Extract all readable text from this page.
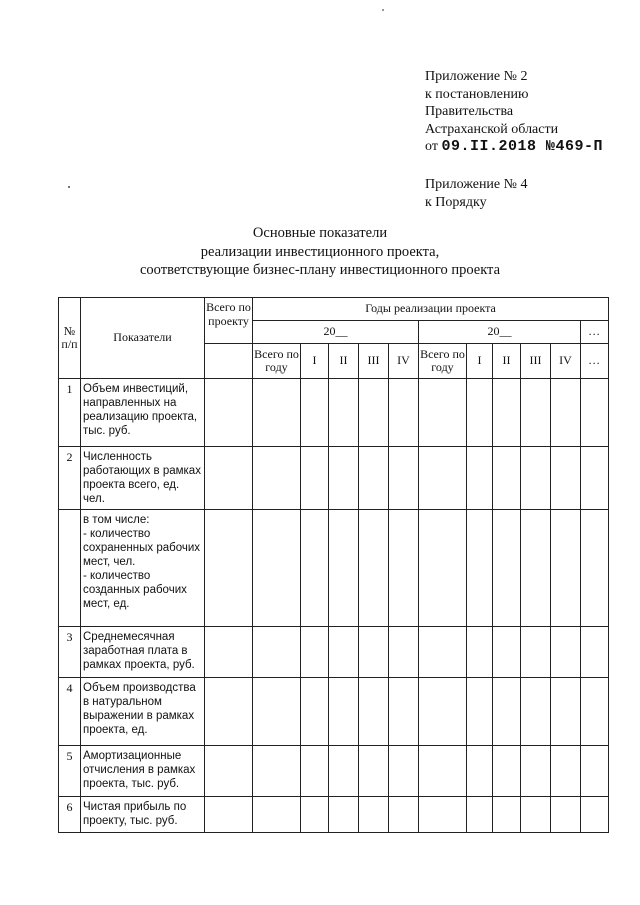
Приложение № 2
к постановлению
Правительства
Астраханской области
от 09.II.2018 №469-П
Приложение № 4
к Порядку
Основные показатели
реализации инвестиционного проекта,
соответствующие бизнес-плану инвестиционного проекта
№ п/п	Показатели	Всего по проекту	Годы реализации проекта										
			20__					20__					…
			Всего по году	I	II	III	IV	Всего по году	I	II	III	IV	…
1	Объем инвестиций, направленных на реализацию проекта, тыс. руб.												
2	Численность работающих в рамках проекта всего, ед. чел.												
	в том числе:
- количество сохраненных рабочих мест, чел.
- количество созданных рабочих мест, ед.												
3	Среднемесячная заработная плата в рамках проекта, руб.												
4	Объем производства в натуральном выражении в рамках проекта, ед.												
5	Амортизационные отчисления в рамках проекта, тыс. руб.												
6	Чистая прибыль по проекту, тыс. руб.												
